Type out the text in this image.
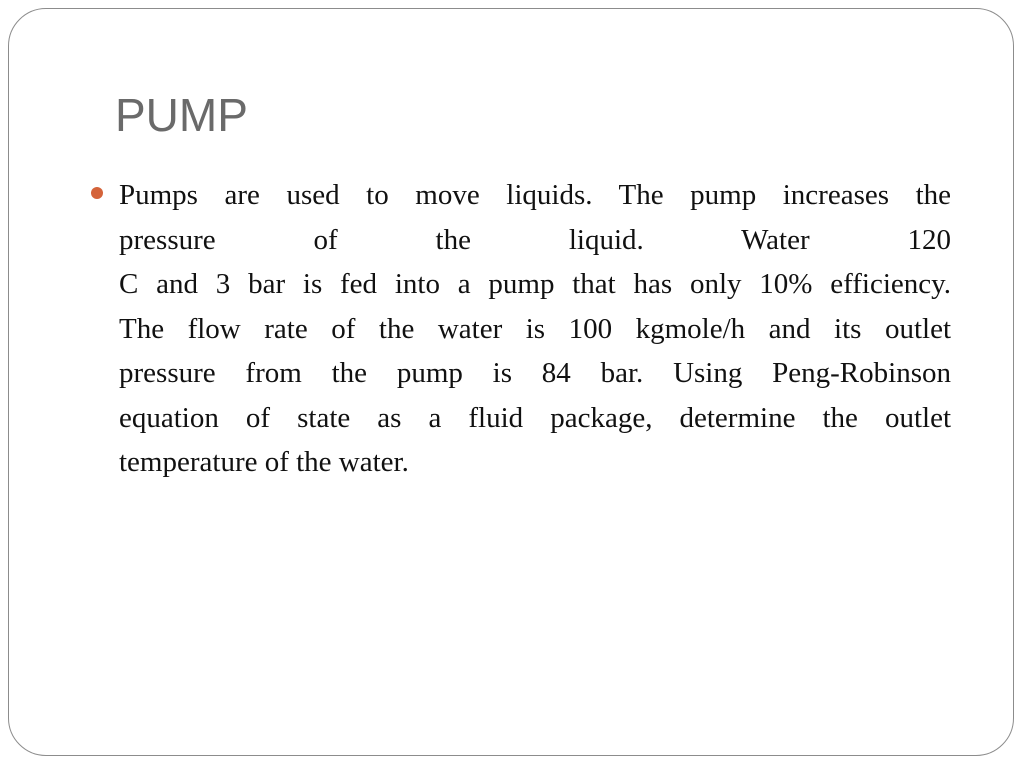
PUMP

Pumps are used to move liquids. The pump increases the
pressure of the liquid. Water 120
C and 3 bar is fed into a pump that has only 10% efficiency.
The flow rate of the water is 100 kgmole/h and its outlet
pressure from the pump is 84 bar. Using Peng-Robinson
equation of state as a fluid package, determine the outlet
temperature of the water.
